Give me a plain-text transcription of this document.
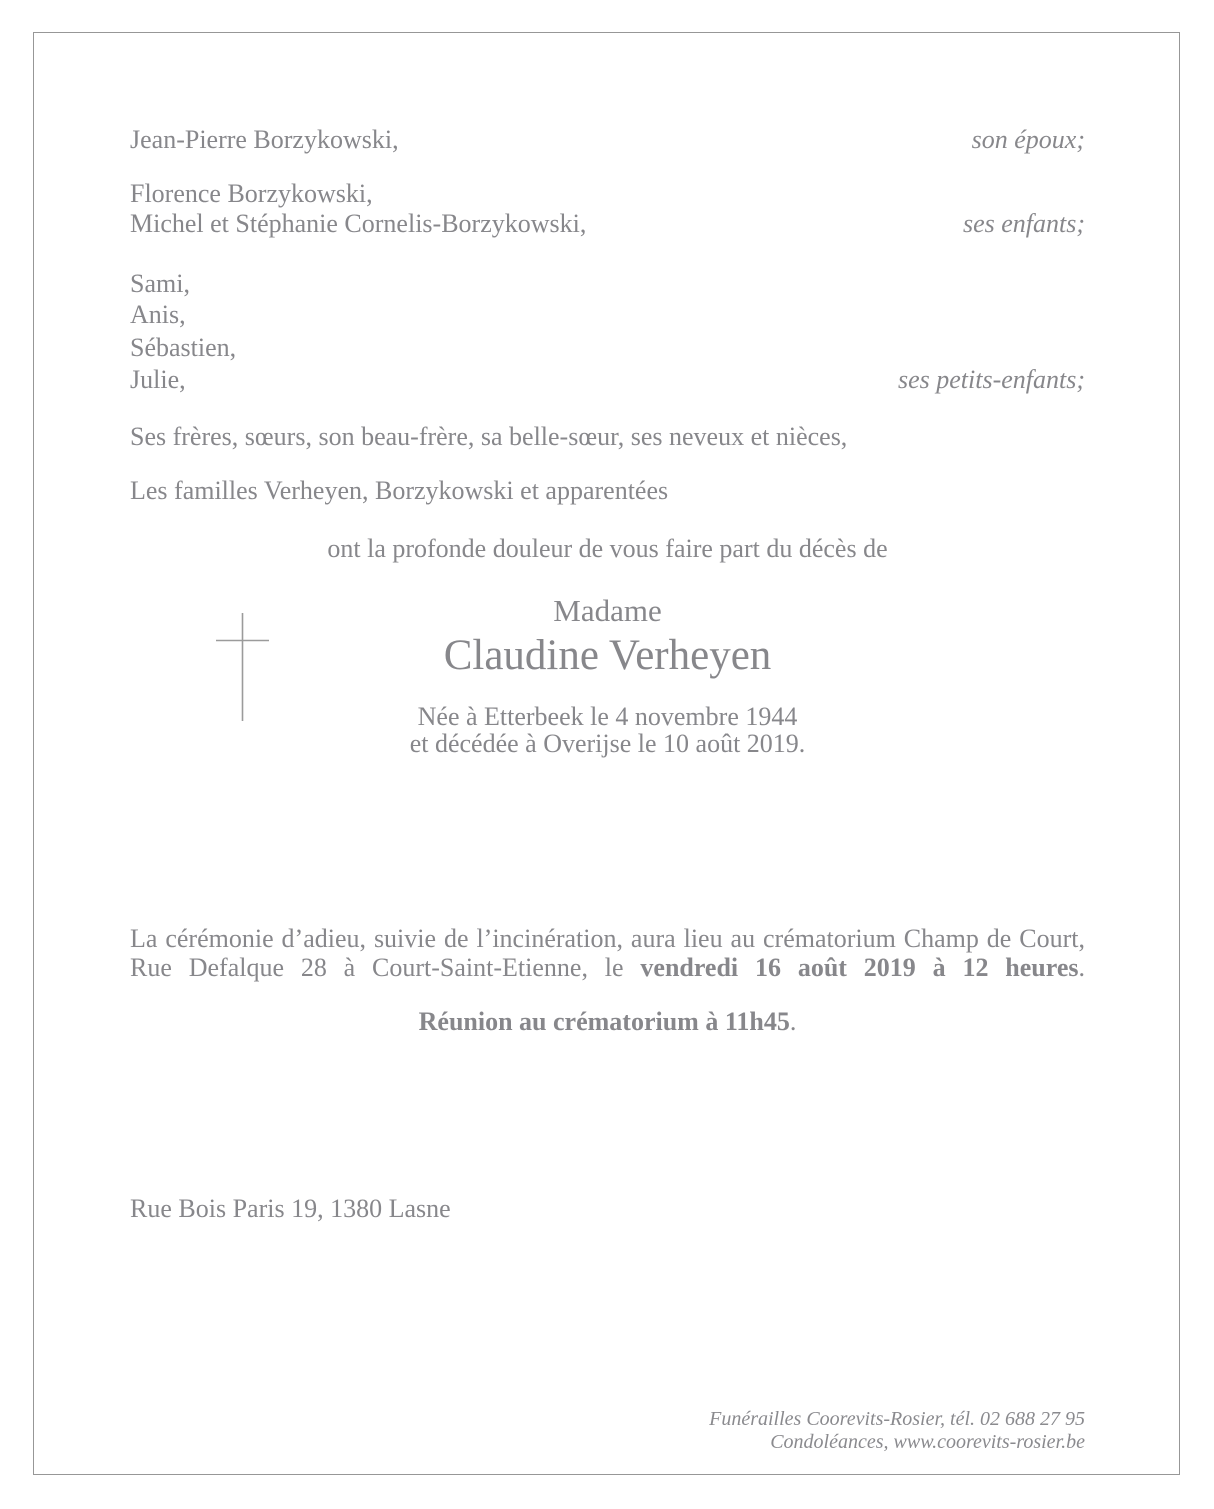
Jean-Pierre Borzykowski,	son époux;
Florence Borzykowski,
Michel et Stéphanie Cornelis-Borzykowski,	ses enfants;
Sami,
Anis,
Sébastien,
Julie,	ses petits-enfants;
Ses frères, sœurs, son beau-frère, sa belle-sœur, ses neveux et nièces,
Les familles Verheyen, Borzykowski et apparentées
ont la profonde douleur de vous faire part du décès de
Madame
Claudine Verheyen
Née à Etterbeek le 4 novembre 1944
et décédée à Overijse le 10 août 2019.
La cérémonie d’adieu, suivie de l’incinération, aura lieu au crématorium Champ de Court, Rue Defalque 28 à Court-Saint-Etienne, le vendredi 16 août 2019 à 12 heures.
Réunion au crématorium à 11h45.
Rue Bois Paris 19, 1380 Lasne
Funérailles Coorevits-Rosier, tél. 02 688 27 95
Condoléances, www.coorevits-rosier.be
